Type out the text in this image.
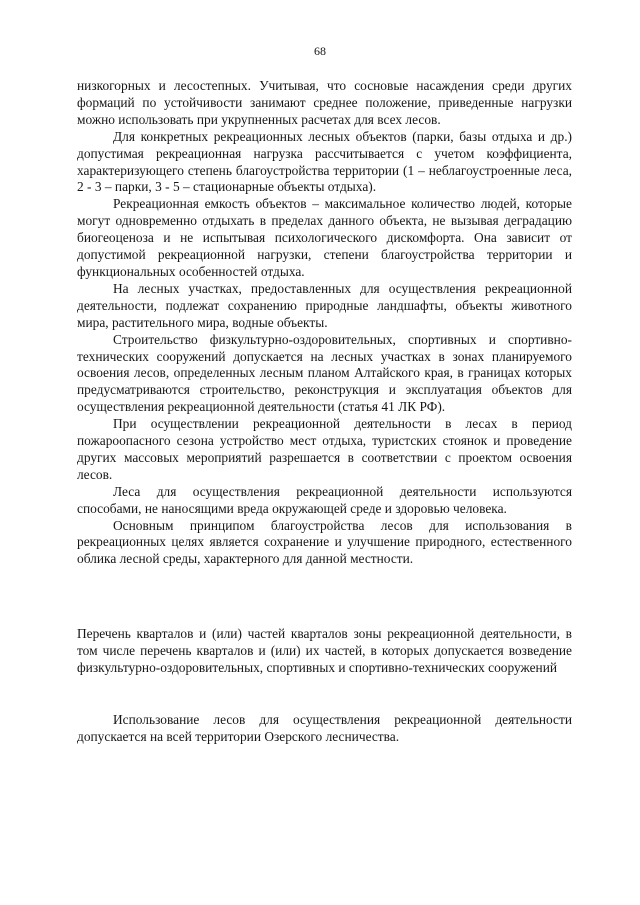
68

низкогорных и лесостепных. Учитывая, что сосновые насаждения среди других формаций по устойчивости занимают среднее положение, приведенные нагрузки можно использовать при укрупненных расчетах для всех лесов.

Для конкретных рекреационных лесных объектов (парки, базы отдыха и др.) допустимая рекреационная нагрузка рассчитывается с учетом коэффициента, характеризующего степень благоустройства территории (1 – неблагоустроенные леса, 2 - 3 – парки, 3 - 5 – стационарные объекты отдыха).

Рекреационная емкость объектов – максимальное количество людей, которые могут одновременно отдыхать в пределах данного объекта, не вызывая деградацию биогеоценоза и не испытывая психологического дискомфорта. Она зависит от допустимой рекреационной нагрузки, степени благоустройства территории и функциональных особенностей отдыха.

На лесных участках, предоставленных для осуществления рекреационной деятельности, подлежат сохранению природные ландшафты, объекты животного мира, растительного мира, водные объекты.

Строительство физкультурно-оздоровительных, спортивных и спортивно-технических сооружений допускается на лесных участках в зонах планируемого освоения лесов, определенных лесным планом Алтайского края, в границах которых предусматриваются строительство, реконструкция и эксплуатация объектов для осуществления рекреационной деятельности (статья 41 ЛК РФ).

При осуществлении рекреационной деятельности в лесах в период пожароопасного сезона устройство мест отдыха, туристских стоянок и проведение других массовых мероприятий разрешается в соответствии с проектом освоения лесов.

Леса для осуществления рекреационной деятельности используются способами, не наносящими вреда окружающей среде и здоровью человека.

Основным принципом благоустройства лесов для использования в рекреационных целях является сохранение и улучшение природного, естественного облика лесной среды, характерного для данной местности.

Перечень кварталов и (или) частей кварталов зоны рекреационной деятельности, в том числе перечень кварталов и (или) их частей, в которых допускается возведение физкультурно-оздоровительных, спортивных и спортивно-технических сооружений

Использование лесов для осуществления рекреационной деятельности допускается на всей территории Озерского лесничества.
